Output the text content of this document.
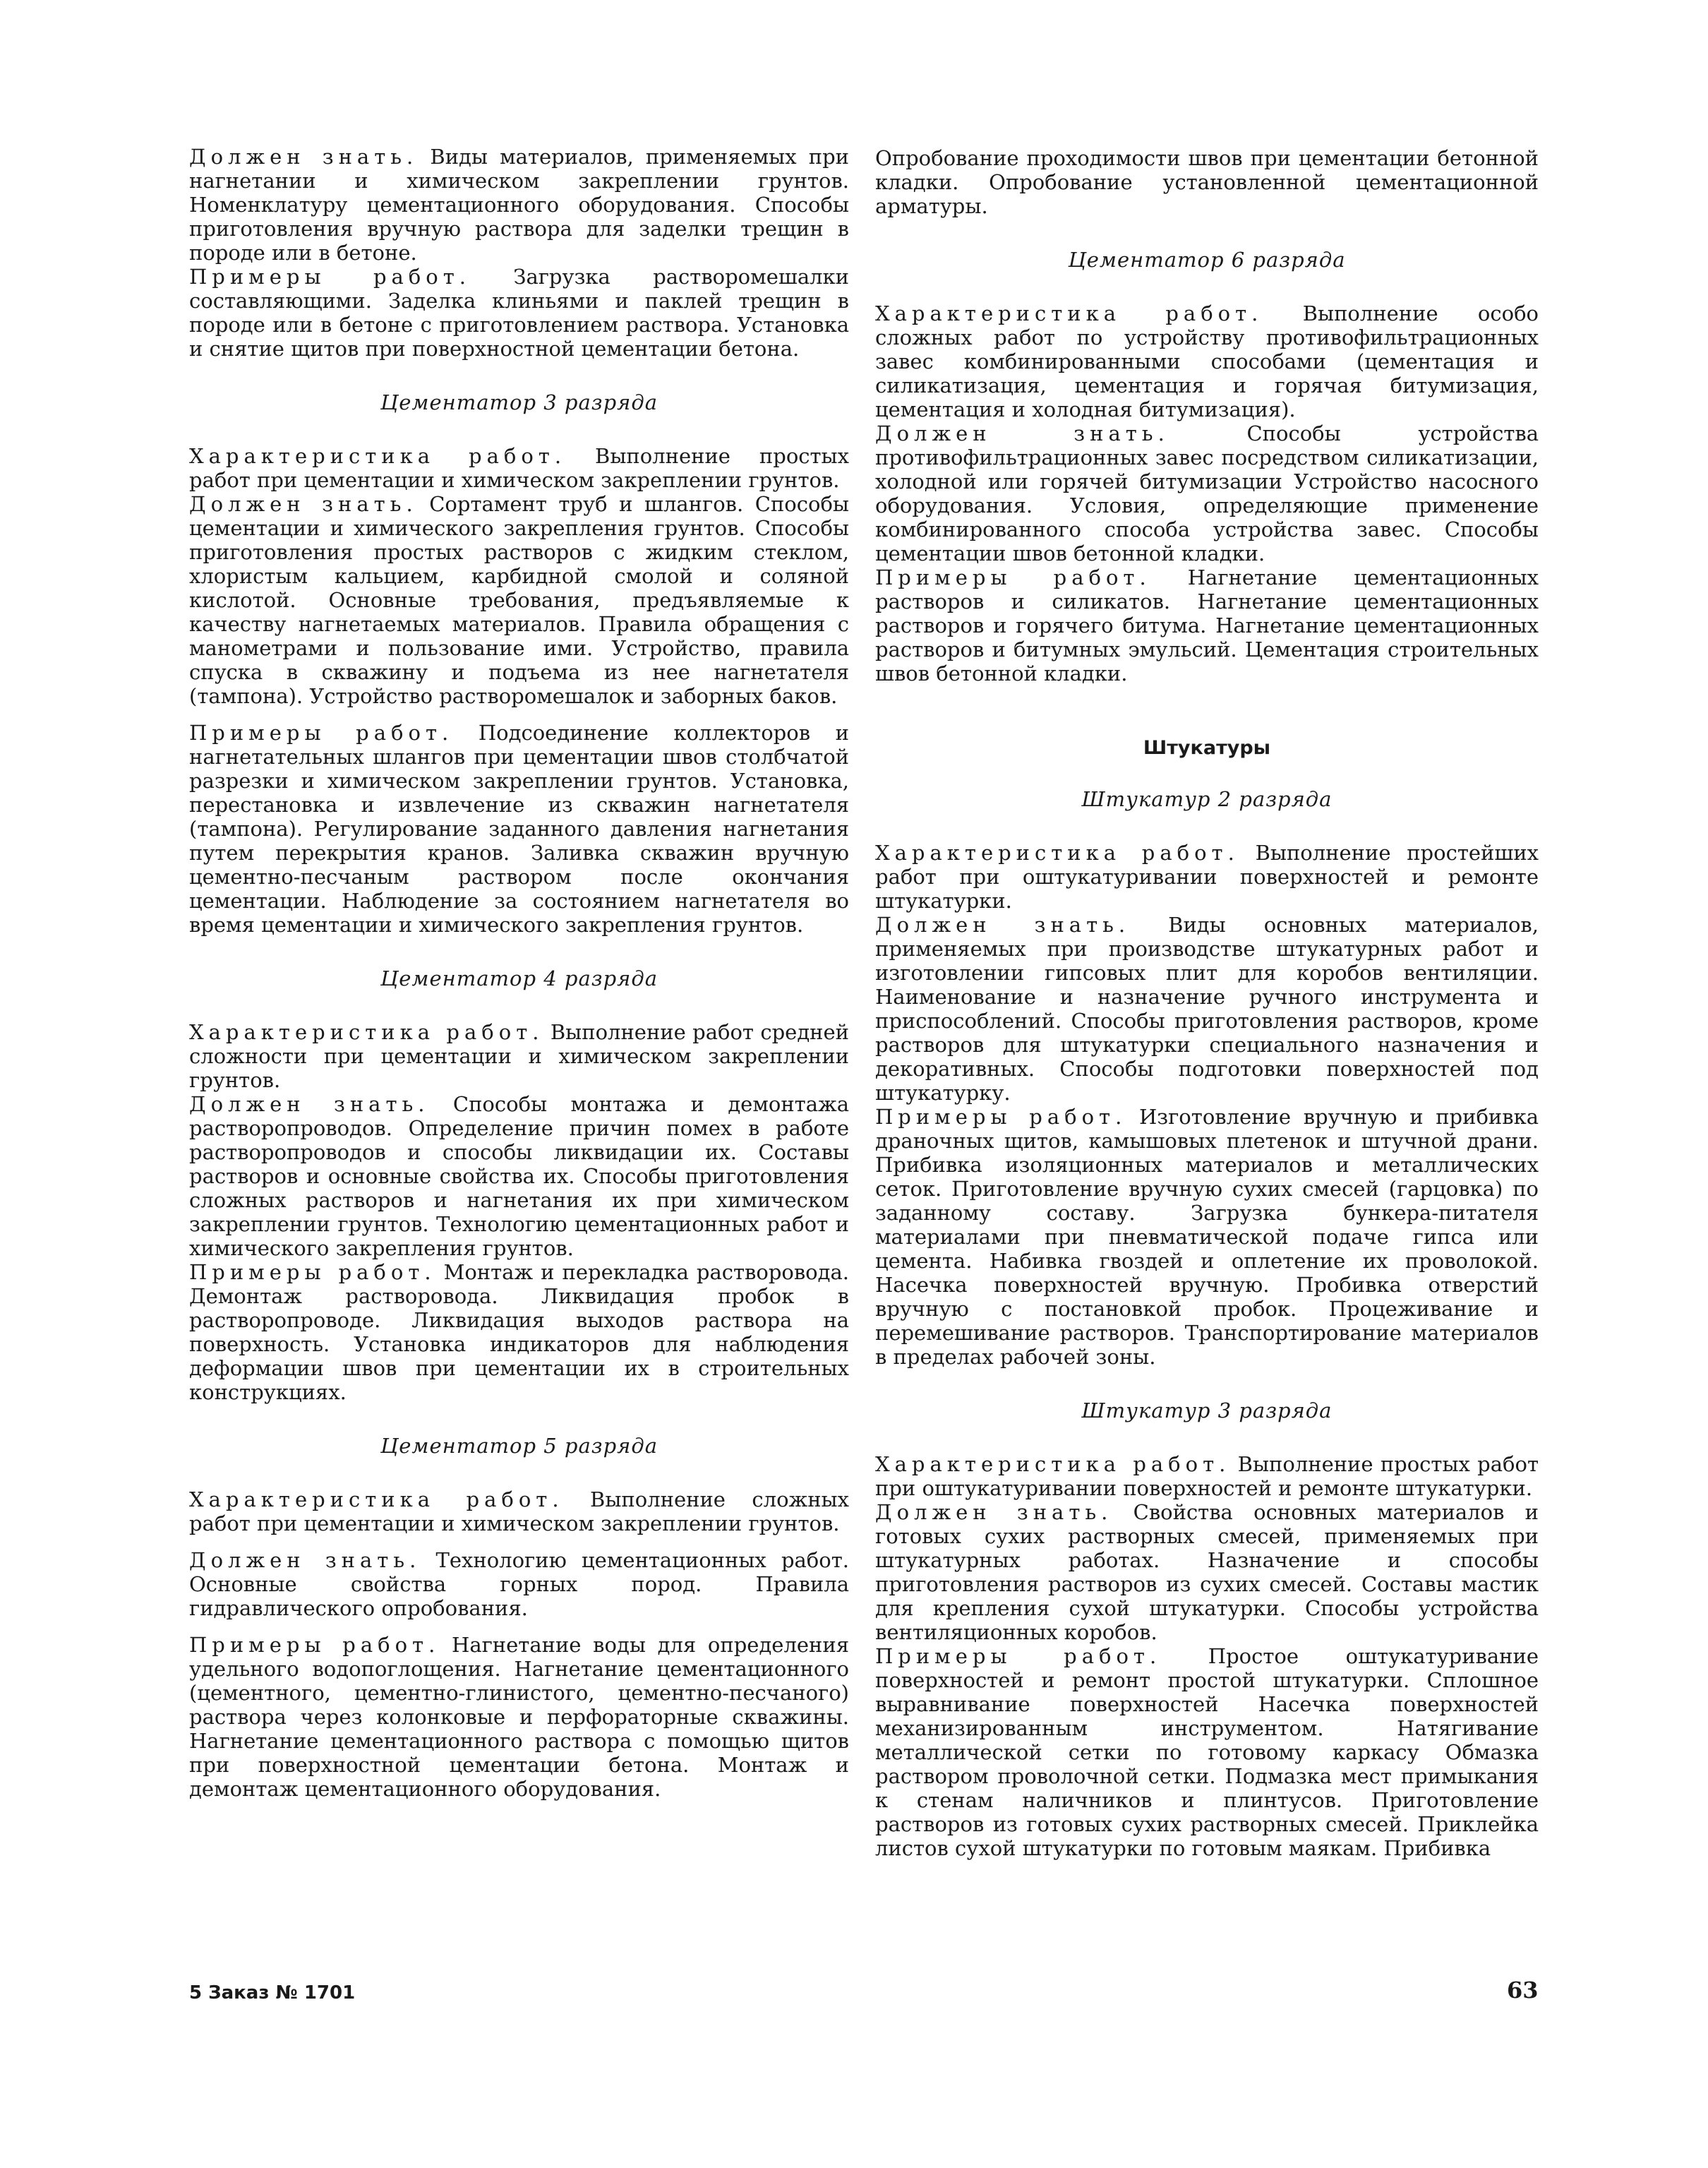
Должен знать. Виды материалов, применяемых при нагнетании и химическом закреплении грунтов. Номенклатуру цементационного оборудования. Способы приготовления вручную раствора для заделки трещин в породе или в бетоне.

Примеры работ. Загрузка растворомешалки составляющими. Заделка клиньями и паклей трещин в породе или в бетоне с приготовлением раствора. Установка и снятие щитов при поверхностной цементации бетона.

Цементатор 3 разряда

Характеристика работ. Выполнение простых работ при цементации и химическом закреплении грунтов.

Должен знать. Сортамент труб и шлангов. Способы цементации и химического закрепления грунтов. Способы приготовления простых растворов с жидким стеклом, хлористым кальцием, карбидной смолой и соляной кислотой. Основные требования, предъявляемые к качеству нагнетаемых материалов. Правила обращения с манометрами и пользование ими. Устройство, правила спуска в скважину и подъема из нее нагнетателя (тампона). Устройство растворомешалок и заборных баков.

Примеры работ. Подсоединение коллекторов и нагнетательных шлангов при цементации швов столбчатой разрезки и химическом закреплении грунтов. Установка, перестановка и извлечение из скважин нагнетателя (тампона). Регулирование заданного давления нагнетания путем перекрытия кранов. Заливка скважин вручную цементно-песчаным раствором после окончания цементации. Наблюдение за состоянием нагнетателя во время цементации и химического закрепления грунтов.

Цементатор 4 разряда

Характеристика работ. Выполнение работ средней сложности при цементации и химическом закреплении грунтов.

Должен знать. Способы монтажа и демонтажа растворопроводов. Определение причин помех в работе растворопроводов и способы ликвидации их. Составы растворов и основные свойства их. Способы приготовления сложных растворов и нагнетания их при химическом закреплении грунтов. Технологию цементационных работ и химического закрепления грунтов.

Примеры работ. Монтаж и перекладка растворовода. Демонтаж растворовода. Ликвидация пробок в растворопроводе. Ликвидация выходов раствора на поверхность. Установка индикаторов для наблюдения деформации швов при цементации их в строительных конструкциях.

Цементатор 5 разряда

Характеристика работ. Выполнение сложных работ при цементации и химическом закреплении грунтов.

Должен знать. Технологию цементационных работ. Основные свойства горных пород. Правила гидравлического опробования.

Примеры работ. Нагнетание воды для определения удельного водопоглощения. Нагнетание цементационного (цементного, цементно-глинистого, цементно-песчаного) раствора через колонковые и перфораторные скважины. Нагнетание цементационного раствора с помощью щитов при поверхностной цементации бетона. Монтаж и демонтаж цементационного оборудования.

Опробование проходимости швов при цементации бетонной кладки. Опробование установленной цементационной арматуры.

Цементатор 6 разряда

Характеристика работ. Выполнение особо сложных работ по устройству противофильтрационных завес комбинированными способами (цементация и силикатизация, цементация и горячая битумизация, цементация и холодная битумизация).

Должен знать. Способы устройства противофильтрационных завес посредством силикатизации, холодной или горячей битумизации Устройство насосного оборудования. Условия, определяющие применение комбинированного способа устройства завес. Способы цементации швов бетонной кладки.

Примеры работ. Нагнетание цементационных растворов и силикатов. Нагнетание цементационных растворов и горячего битума. Нагнетание цементационных растворов и битумных эмульсий. Цементация строительных швов бетонной кладки.

Штукатуры
Штукатур 2 разряда

Характеристика работ. Выполнение простейших работ при оштукатуривании поверхностей и ремонте штукатурки.

Должен знать. Виды основных материалов, применяемых при производстве штукатурных работ и изготовлении гипсовых плит для коробов вентиляции. Наименование и назначение ручного инструмента и приспособлений. Способы приготовления растворов, кроме растворов для штукатурки специального назначения и декоративных. Способы подготовки поверхностей под штукатурку.

Примеры работ. Изготовление вручную и прибивка драночных щитов, камышовых плетенок и штучной драни. Прибивка изоляционных материалов и металлических сеток. Приготовление вручную сухих смесей (гарцовка) по заданному составу. Загрузка бункера-питателя материалами при пневматической подаче гипса или цемента. Набивка гвоздей и оплетение их проволокой. Насечка поверхностей вручную. Пробивка отверстий вручную с постановкой пробок. Процеживание и перемешивание растворов. Транспортирование материалов в пределах рабочей зоны.

Штукатур 3 разряда

Характеристика работ. Выполнение простых работ при оштукатуривании поверхностей и ремонте штукатурки.

Должен знать. Свойства основных материалов и готовых сухих растворных смесей, применяемых при штукатурных работах. Назначение и способы приготовления растворов из сухих смесей. Составы мастик для крепления сухой штукатурки. Способы устройства вентиляционных коробов.

Примеры работ. Простое оштукатуривание поверхностей и ремонт простой штукатурки. Сплошное выравнивание поверхностей Насечка поверхностей механизированным инструментом. Натягивание металлической сетки по готовому каркасу Обмазка раствором проволочной сетки. Подмазка мест примыкания к стенам наличников и плинтусов. Приготовление растворов из готовых сухих растворных смесей. Приклейка листов сухой штукатурки по готовым маякам. Прибивка

5 Заказ № 1701	63
